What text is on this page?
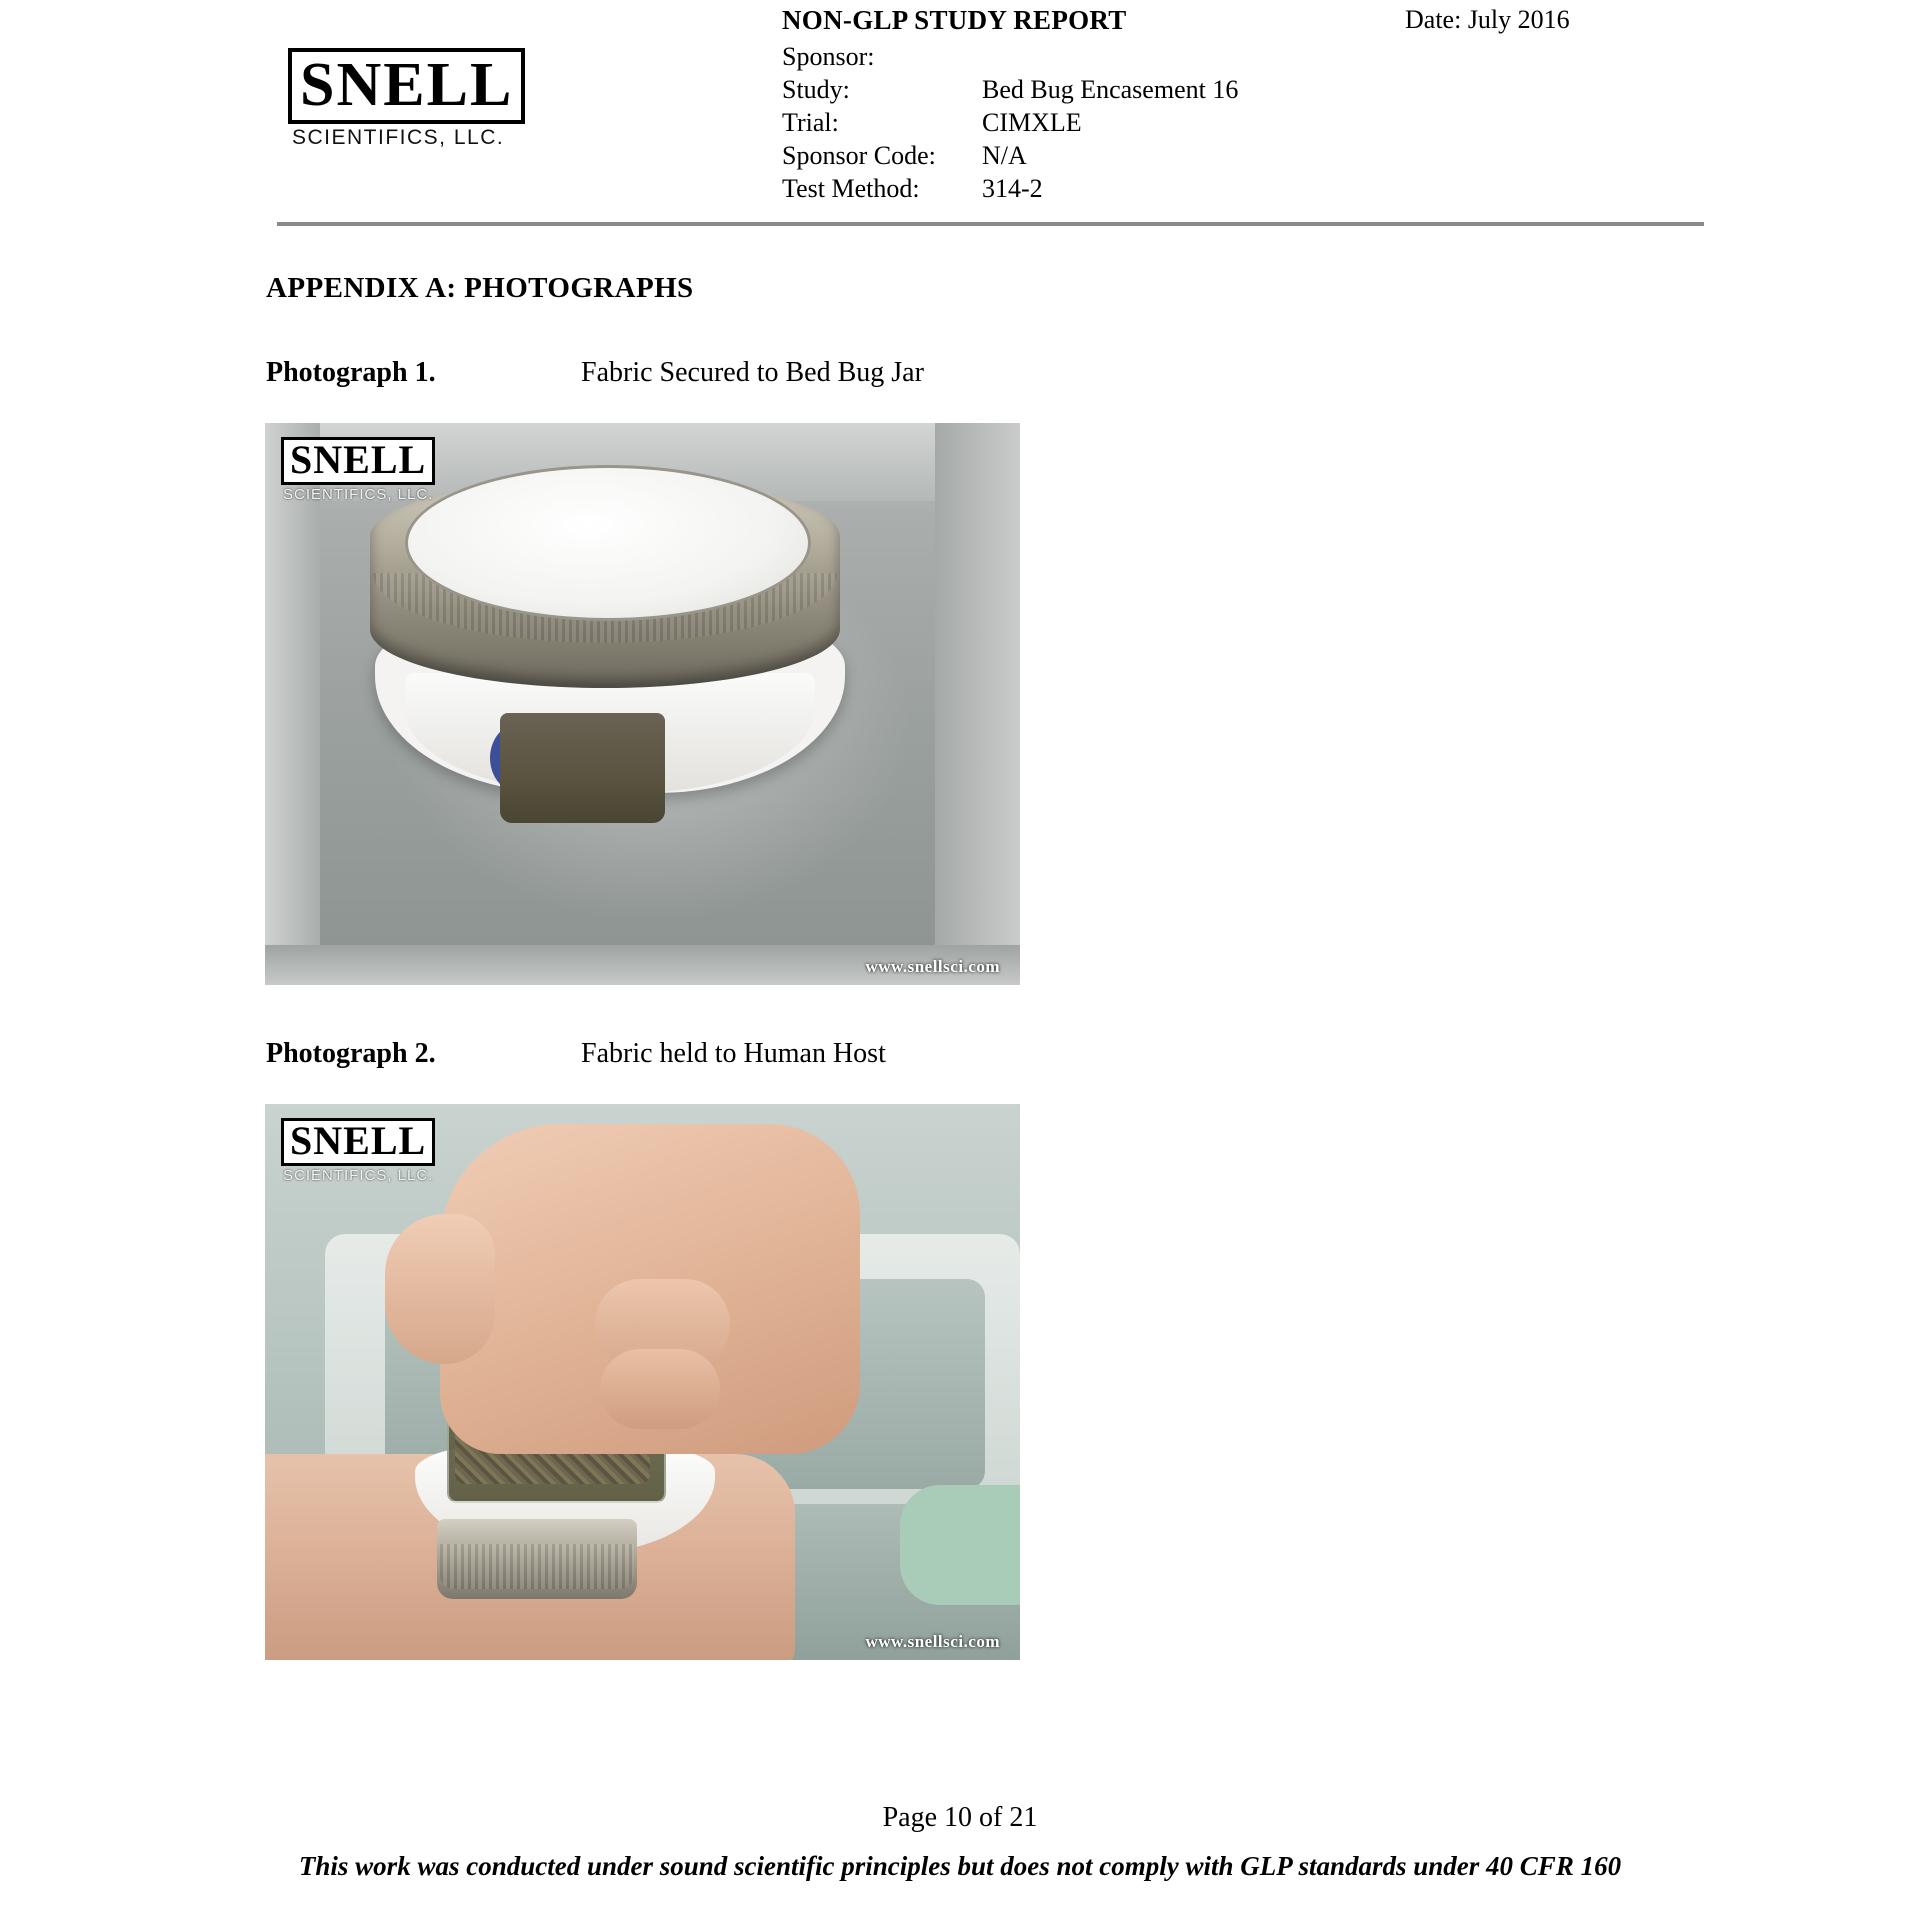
SNELL
SCIENTIFICS, LLC.
NON-GLP STUDY REPORT	Date: July 2016
Sponsor:
Study:	Bed Bug Encasement 16
Trial:	CIMXLE
Sponsor Code:	N/A
Test Method:	314-2
APPENDIX A: PHOTOGRAPHS
Photograph 1.	Fabric Secured to Bed Bug Jar
SNELL
SCIENTIFICS, LLC.
www.snellsci.com
Photograph 2.	Fabric held to Human Host
SNELL
SCIENTIFICS, LLC.
www.snellsci.com
Page 10 of 21
This work was conducted under sound scientific principles but does not comply with GLP standards under 40 CFR 160
